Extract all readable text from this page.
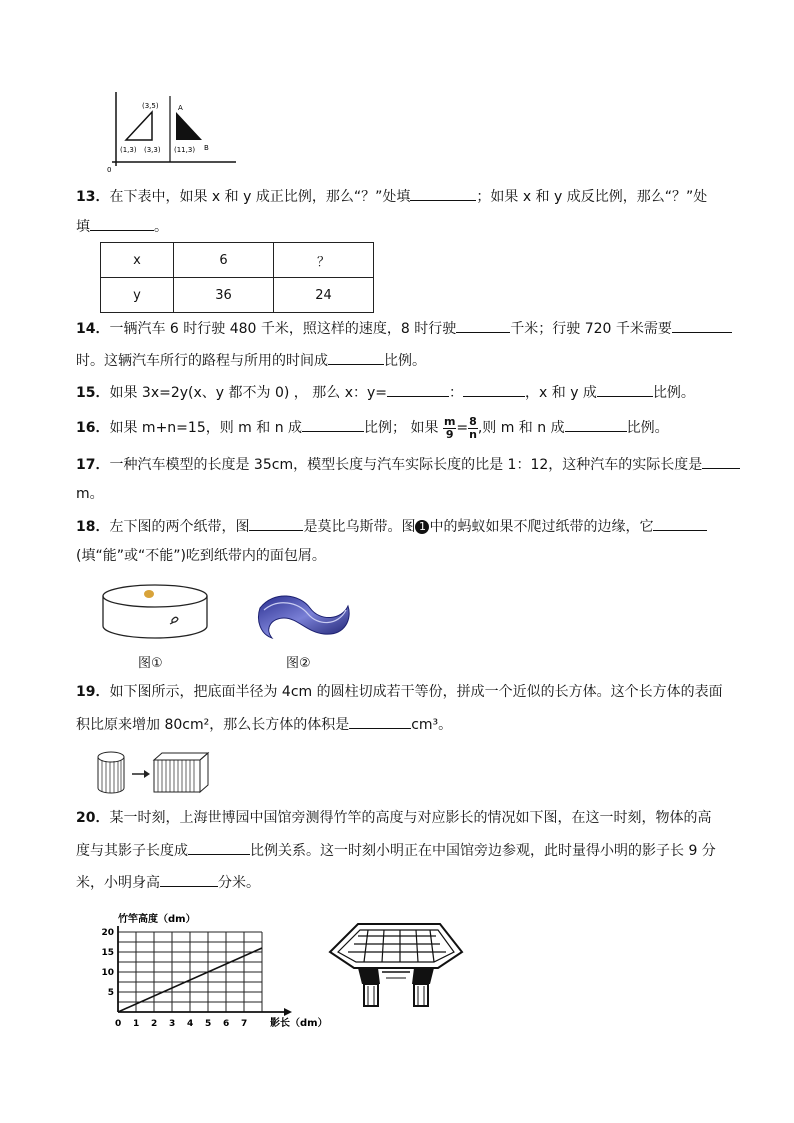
(3,5)	A
B
(1,3) (3,3) (11,3)
0
13．在下表中，如果 x 和 y 成正比例，那么“？”处填	；如果 x 和 y 成反比例，那么“？”处
填	。
x	6	？
y	36	24
14．一辆汽车 6 时行驶 480 千米，照这样的速度，8 时行驶	千米；行驶 720 千米需要
时。这辆汽车所行的路程与所用的时间成	比例。
15．如果 3x=2y(x、y 都不为 0) ， 那么 x：y=	：	，x 和 y 成	比例。
16．如果 m+n=15，则 m 和 n 成	比例； 如果 $\frac{m}{9} = \frac{8}{n}$ ,则 m 和 n 成	比例。
17．一种汽车模型的长度是 35cm，模型长度与汽车实际长度的比是 1：12，这种汽车的实际长度是
m。
18．左下图的两个纸带，图	是莫比乌斯带。图 1 中的蚂蚁如果不爬过纸带的边缘，它
(填“能”或“不能”)吃到纸带内的面包屑。
图①	图②
19．如下图所示，把底面半径为 4cm 的圆柱切成若干等份，拼成一个近似的长方体。这个长方体的表面
积比原来增加 80cm²，那么长方体的体积是	cm³。
20．某一时刻，上海世博园中国馆旁测得竹竿的高度与对应影长的情况如下图，在这一时刻，物体的高
度与其影子长度成	比例关系。这一时刻小明正在中国馆旁边参观，此时量得小明的影子长 9 分
米，小明身高	分米。
0 1 2 3 4 5 6 7
5
10
15
20
竹竿高度（dm）
影长（dm）
